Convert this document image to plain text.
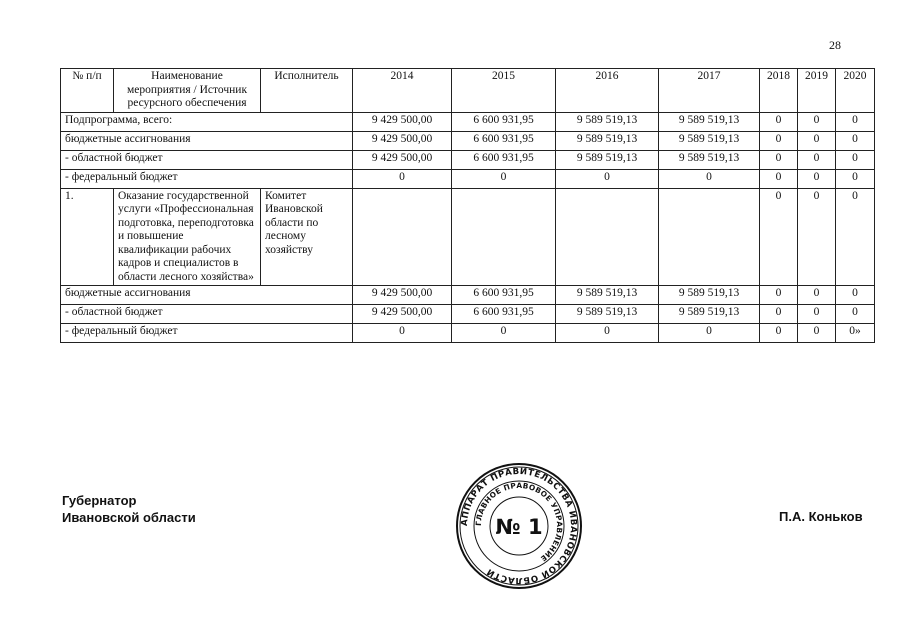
28
№ п/п	Наименование мероприятия / Источник ресурсного обеспечения	Исполнитель	2014	2015	2016	2017	2018	2019	2020
Подпрограмма, всего:			9 429 500,00	6 600 931,95	9 589 519,13	9 589 519,13	0	0	0
бюджетные ассигнования			9 429 500,00	6 600 931,95	9 589 519,13	9 589 519,13	0	0	0
- областной бюджет			9 429 500,00	6 600 931,95	9 589 519,13	9 589 519,13	0	0	0
- федеральный бюджет			0	0	0	0	0	0	0
1.	Оказание государственной услуги «Профессиональная подготовка, переподготовка и повышение квалификации рабочих кадров и специалистов в области лесного хозяйства»	Комитет Ивановской области по лесному хозяйству					0	0	0
бюджетные ассигнования			9 429 500,00	6 600 931,95	9 589 519,13	9 589 519,13	0	0	0
- областной бюджет			9 429 500,00	6 600 931,95	9 589 519,13	9 589 519,13	0	0	0
- федеральный бюджет			0	0	0	0	0	0	0»
Губернатор
Ивановской области	АППАРАТ ПРАВИТЕЛЬСТВА ИВАНОВСКОЙ ОБЛАСТИ
ГЛАВНОЕ ПРАВОВОЕ УПРАВЛЕНИЕ
№ 1	П.А. Коньков
